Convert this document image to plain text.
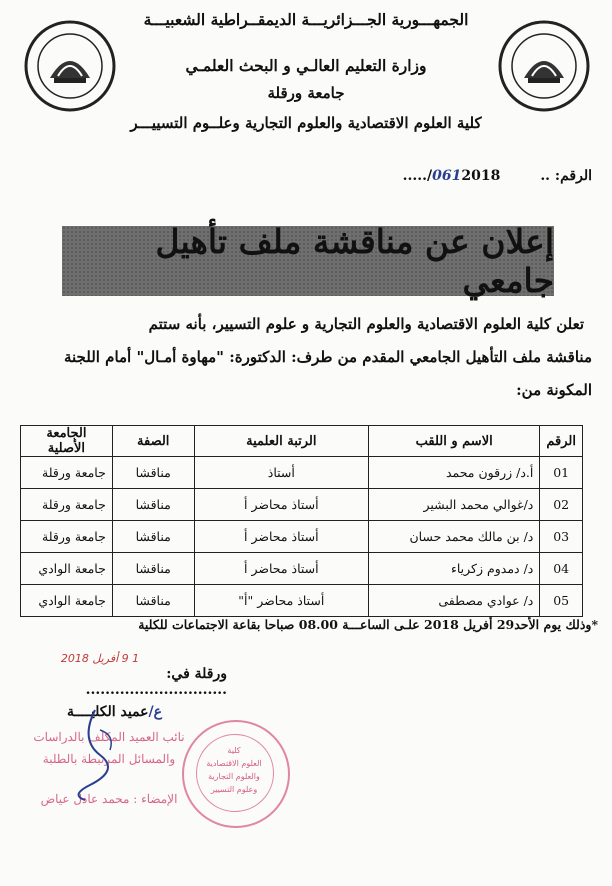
الجمهـــورية الجـــزائريـــة الديمقــراطية الشعبيـــة
وزارة التعليم العالـي و البحث العلمـي
جامعة ورقلة
كلية العلوم الاقتصادية والعلوم التجارية وعلــوم التسييـــر
الرقم: ..0612018/.....
إعلان عن مناقشة ملف تأهيل جامعي
تعلن كلية العلوم الاقتصادية والعلوم التجارية و علوم التسيير، بأنه ستتم
مناقشة ملف التأهيل الجامعي المقدم من طرف: الدكتورة: "مهاوة أمـال" أمام اللجنة
المكونة من:
الرقم	الاسم و اللقب	الرتبة العلمية	الصفة	الجامعة الأصلية
01	أ.د/ زرقون محمد	أستاذ	مناقشا	جامعة ورقلة
02	د/غوالي محمد البشير	أستاذ محاضر أ	مناقشا	جامعة ورقلة
03	د/ بن مالك محمد حسان	أستاذ محاضر أ	مناقشا	جامعة ورقلة
04	د/ دمدوم زكرياء	أستاذ محاضر أ	مناقشا	جامعة الوادي
05	د/ عوادي مصطفى	أستاذ محاضر "أ"	مناقشا	جامعة الوادي
*وذلك يوم الأحد29 أفريل 2018 علـى الساعـــة 08.00 صباحا بقاعة الاجتماعات للكلية
ورقلة في: .............................
1 9 أفريل 2018
ع/عميد الكليــــة
نائب العميد المكلف بالدراسات
والمسائل المرتبطة بالطلبة
الإمضاء : محمد عادل عياض
كلية
العلوم الاقتصادية
والعلوم التجارية
وعلوم التسيير
